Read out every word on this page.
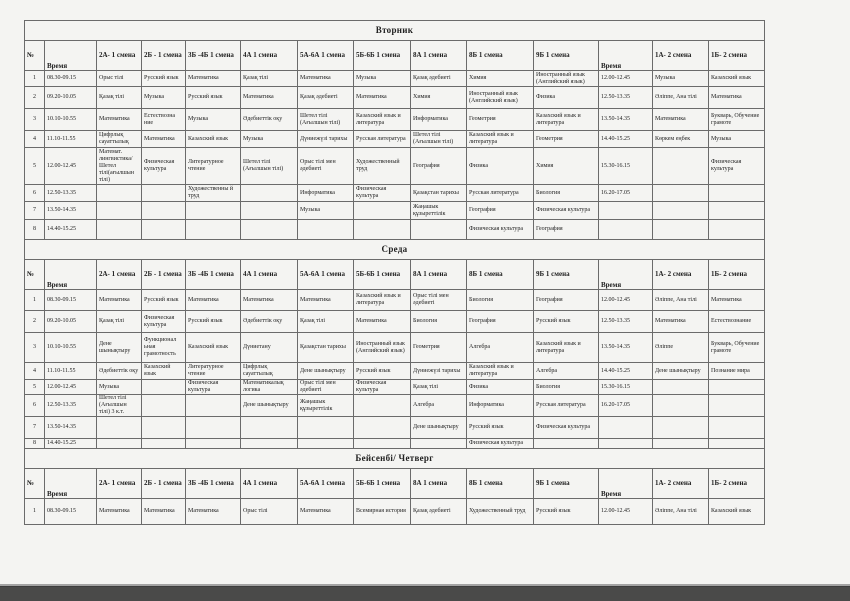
Вторник													
№	Время	2А- 1 смена	2Б - 1 смена	3Б -4Б 1 смена	4А 1 смена	5А-6А 1 смена	5Б-6Б 1 смена	8А 1 смена	8Б 1 смена	9Б 1 смена	Время	1А- 2 смена	1Б- 2 смена
1	08.30-09.15	Орыс тілі	Русский язык	Математика	Қазақ тілі	Математика	Музыка	Қазақ әдебиеті	Химия	Иностранный язык (Английский язык)	12.00-12.45	Музыка	Казахский язык
2	09.20-10.05	Қазақ тілі	Музыка	Русский язык	Математика	Қазақ әдебиеті	Математика	Химия	Иностранный язык (Английский язык)	Физика	12.50-13.35	Әліппе, Ана тілі	Математика
3	10.10-10.55	Математика	Естествозна ние	Музыка	Әдебиеттік оқу	Шетел тілі (Ағылшын тілі)	Казахский язык и литература	Информатика	Геометрия	Казахский язык и литература	13.50-14.35	Математика	Букварь, Обучение грамоте
4	11.10-11.55	Цифрлық сауаттылық	Математика	Казахский язык	Музыка	Дүниежүзі тарихы	Русская литература	Шетел тілі (Ағылшын тілі)	Казахский язык и литература	Геометрия	14.40-15.25	Көркем еңбек	Музыка
5	12.00-12.45	Математ. лингвистика/ Шетел тілі(ағылшын тілі)	Физическая культура	Литературное чтение	Шетел тілі (Ағылшын тілі)	Орыс тілі мен әдебиеті	Художественный труд	География	Физика	Химия	15.30-16.15		Физическая культура
6	12.50-13.35			Художественны й труд		Информатика	Физическая культура	Қазақстан тарихы	Русская литература	Биология	16.20-17.05		
7	13.50-14.35					Музыка		Жаңашык құзыреттілік	География	Физическая культура			
8	14.40-15.25								Физическая культура	География			
Среда													
№	Время	2А- 1 смена	2Б - 1 смена	3Б -4Б 1 смена	4А 1 смена	5А-6А 1 смена	5Б-6Б 1 смена	8А 1 смена	8Б 1 смена	9Б 1 смена	Время	1А- 2 смена	1Б- 2 смена
1	08.30-09.15	Математика	Русский язык	Математика	Математика	Математика	Казахский язык и литература	Орыс тілі мен әдебиеті	Биология	География	12.00-12.45	Әліппе, Ана тілі	Математика
2	09.20-10.05	Қазақ тілі	Физическая культура	Русский язык	Әдебиеттік оқу	Қазақ тілі	Математика	Биология	География	Русский язык	12.50-13.35	Математика	Естествознание
3	10.10-10.55	Дене шынықтыру	Функционал ьная грамотность	Казахский язык	Дүниетану	Қазақстан тарихы	Иностранный язык (Английский язык)	Геометрия	Алгебра	Казахский язык и литература	13.50-14.35	Әліппе	Букварь, Обучение грамоте
4	11.10-11.55	Әдебиеттік оқу	Казахский язык	Литературное чтение	Цифрлық сауаттылық	Дене шынықтыру	Русский язык	Дүниежүзі тарихы	Казахский язык и литература	Алгебра	14.40-15.25	Дене шынықтыру	Познание мира
5	12.00-12.45	Музыка		Физическая культура	Математикалық логика	Орыс тілі мен әдебиеті	Физическая культура	Қазақ тілі	Физика	Биология	15.30-16.15		
6	12.50-13.35	Шетел тілі (Ағылшын тілі) 3 к.т.			Дене шынықтыру	Жаңашык құзыреттілік		Алгебра	Информатика	Русская литература	16.20-17.05		
7	13.50-14.35							Дене шынықтыру	Русский язык	Физическая культура			
8	14.40-15.25								Физическая культура				
Бейсенбі/ Четверг													
№	Время	2А- 1 смена	2Б - 1 смена	3Б -4Б 1 смена	4А 1 смена	5А-6А 1 смена	5Б-6Б 1 смена	8А 1 смена	8Б 1 смена	9Б 1 смена	Время	1А- 2 смена	1Б- 2 смена
1	08.30-09.15	Математика	Математика	Математика	Орыс тілі	Математика	Всемирная история	Қазақ әдебиеті	Художественный труд	Русский язык	12.00-12.45	Әліппе, Ана тілі	Казахский язык
